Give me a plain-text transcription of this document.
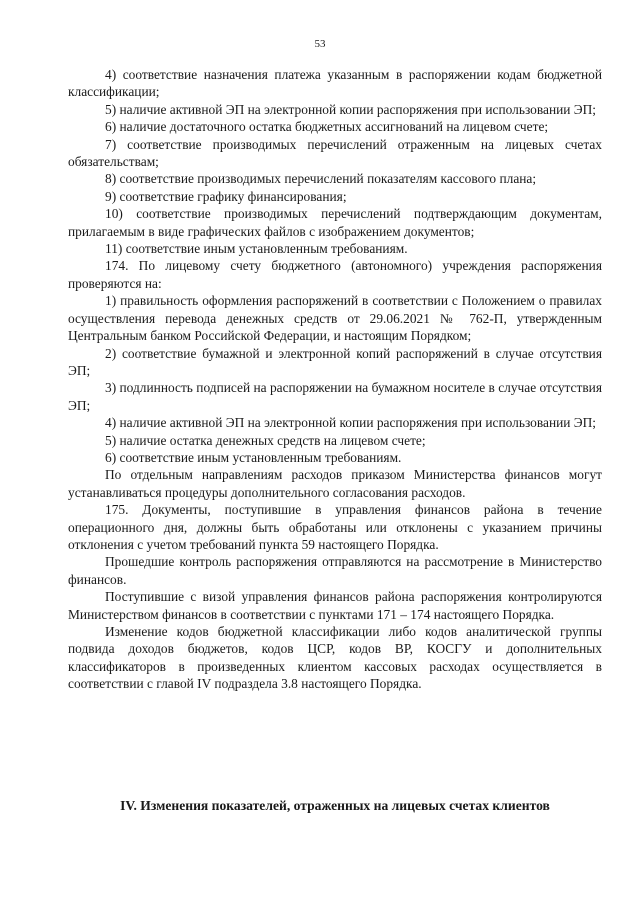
53

4) соответствие назначения платежа указанным в распоряжении кодам бюджетной классификации;

5) наличие активной ЭП на электронной копии распоряжения при использовании ЭП;

6) наличие достаточного остатка бюджетных ассигнований на лицевом счете;

7) соответствие производимых перечислений отраженным на лицевых счетах обязательствам;

8) соответствие производимых перечислений показателям кассового плана;

9) соответствие графику финансирования;

10) соответствие производимых перечислений подтверждающим документам, прилагаемым в виде графических файлов с изображением документов;

11) соответствие иным установленным требованиям.

174. По лицевому счету бюджетного (автономного) учреждения распоряжения проверяются на:

1) правильность оформления распоряжений в соответствии с Положением о правилах осуществления перевода денежных средств от 29.06.2021 № 762-П, утвержденным Центральным банком Российской Федерации, и настоящим Порядком;

2) соответствие бумажной и электронной копий распоряжений в случае отсутствия ЭП;

3) подлинность подписей на распоряжении на бумажном носителе в случае отсутствия ЭП;

4) наличие активной ЭП на электронной копии распоряжения при использовании ЭП;

5) наличие остатка денежных средств на лицевом счете;

6) соответствие иным установленным требованиям.

По отдельным направлениям расходов приказом Министерства финансов могут устанавливаться процедуры дополнительного согласования расходов.

175. Документы, поступившие в управления финансов района в течение операционного дня, должны быть обработаны или отклонены с указанием причины отклонения с учетом требований пункта 59 настоящего Порядка.

Прошедшие контроль распоряжения отправляются на рассмотрение в Министерство финансов.

Поступившие с визой управления финансов района распоряжения контролируются Министерством финансов в соответствии с пунктами 171 – 174 настоящего Порядка.

Изменение кодов бюджетной классификации либо кодов аналитической группы подвида доходов бюджетов, кодов ЦСР, кодов ВР, КОСГУ и дополнительных классификаторов в произведенных клиентом кассовых расходах осуществляется в соответствии с главой IV подраздела 3.8 настоящего Порядка.

IV. Изменения показателей, отраженных на лицевых счетах клиентов
